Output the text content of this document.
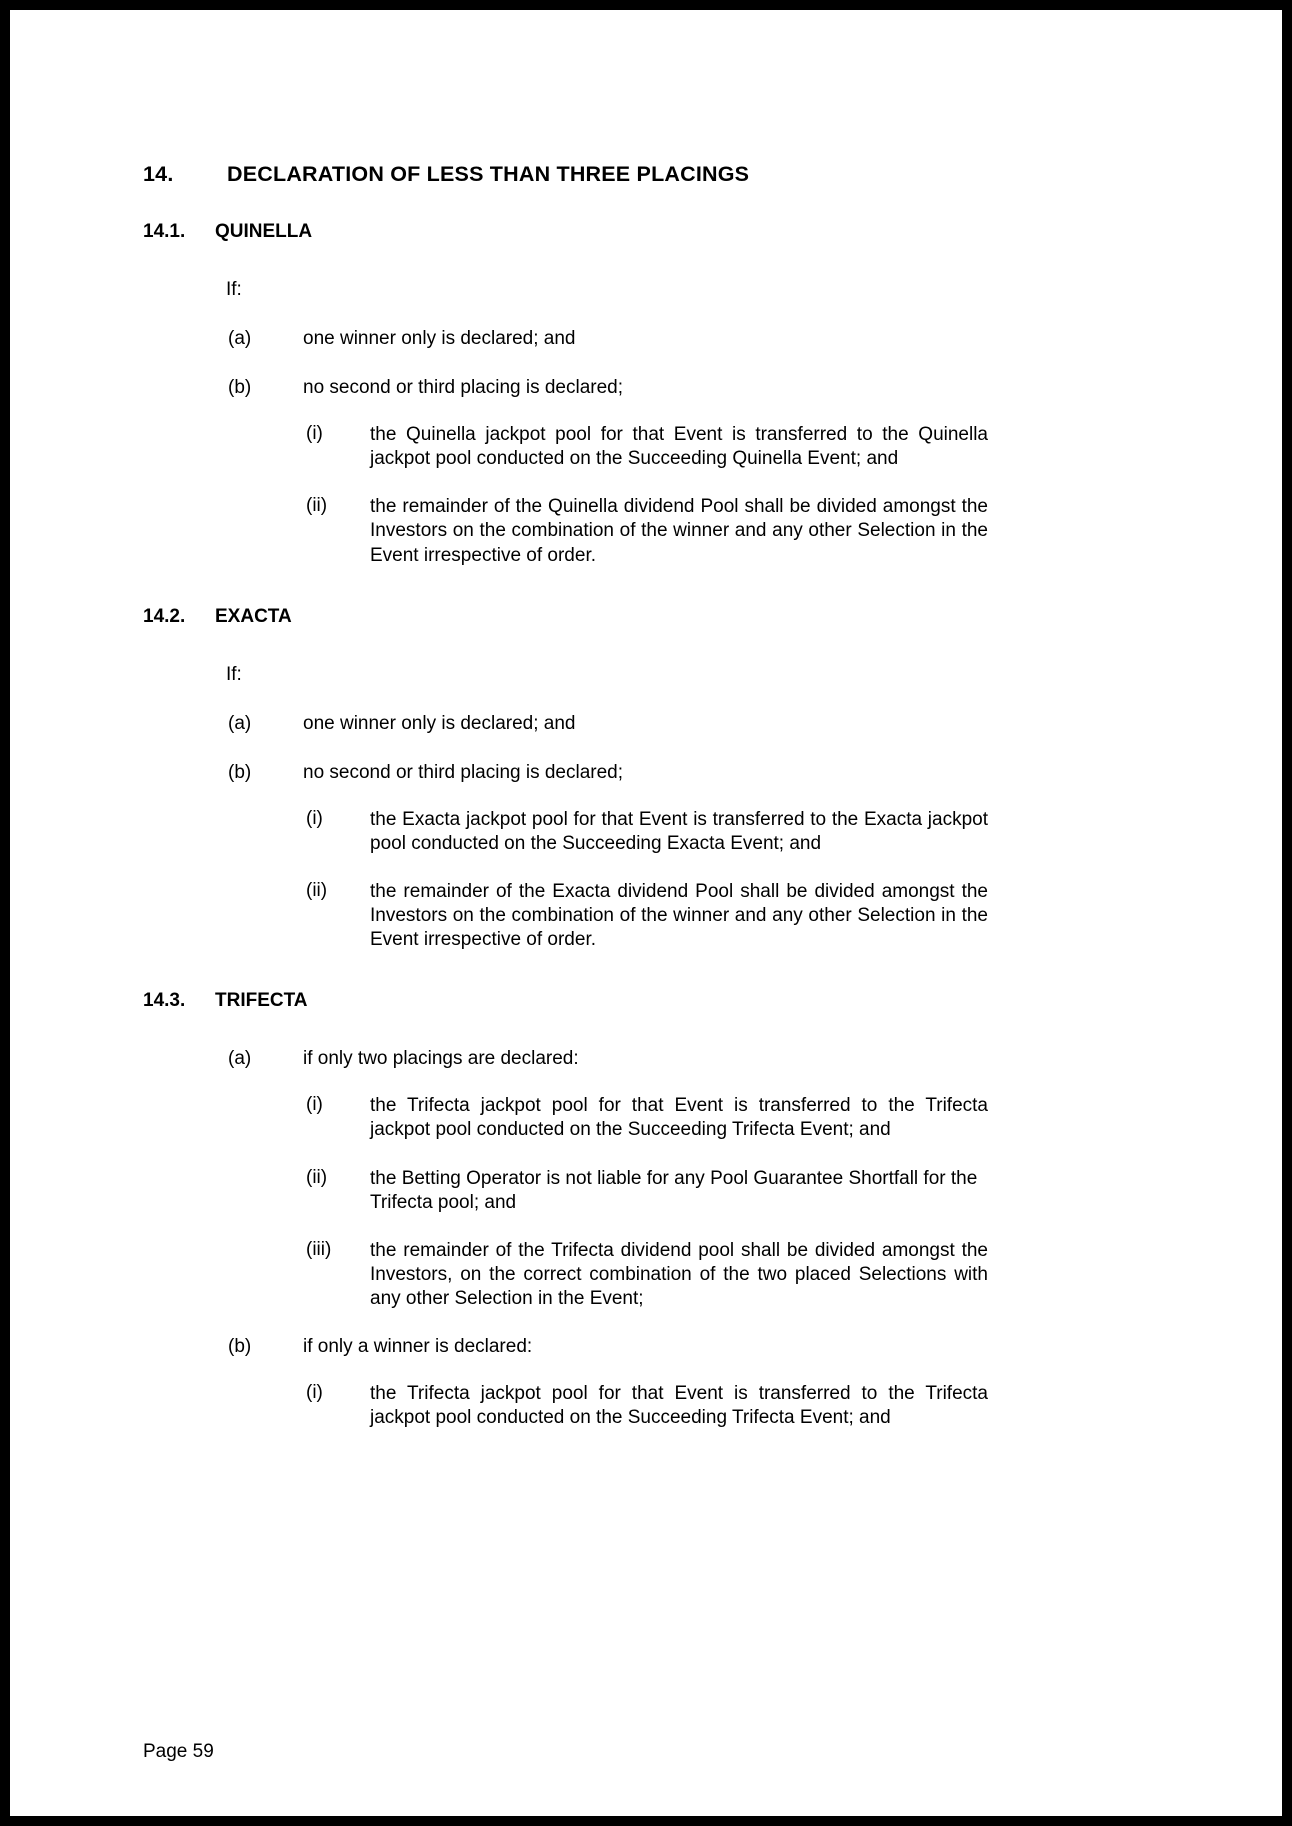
14.	DECLARATION OF LESS THAN THREE PLACINGS
14.1.	QUINELLA
If:
(a)	one winner only is declared; and
(b)	no second or third placing is declared;
(i)	the Quinella jackpot pool for that Event is transferred to the Quinella jackpot pool conducted on the Succeeding Quinella Event; and
(ii)	the remainder of the Quinella dividend Pool shall be divided amongst the Investors on the combination of the winner and any other Selection in the Event irrespective of order.
14.2.	EXACTA
If:
(a)	one winner only is declared; and
(b)	no second or third placing is declared;
(i)	the Exacta jackpot pool for that Event is transferred to the Exacta jackpot pool conducted on the Succeeding Exacta Event; and
(ii)	the remainder of the Exacta dividend Pool shall be divided amongst the Investors on the combination of the winner and any other Selection in the Event irrespective of order.
14.3.	TRIFECTA
(a)	if only two placings are declared:
(i)	the Trifecta jackpot pool for that Event is transferred to the Trifecta jackpot pool conducted on the Succeeding Trifecta Event; and
(ii)	the Betting Operator is not liable for any Pool Guarantee Shortfall for the Trifecta pool; and
(iii)	the remainder of the Trifecta dividend pool shall be divided amongst the Investors, on the correct combination of the two placed Selections with any other Selection in the Event;
(b)	if only a winner is declared:
(i)	the Trifecta jackpot pool for that Event is transferred to the Trifecta jackpot pool conducted on the Succeeding Trifecta Event; and
Page 59
